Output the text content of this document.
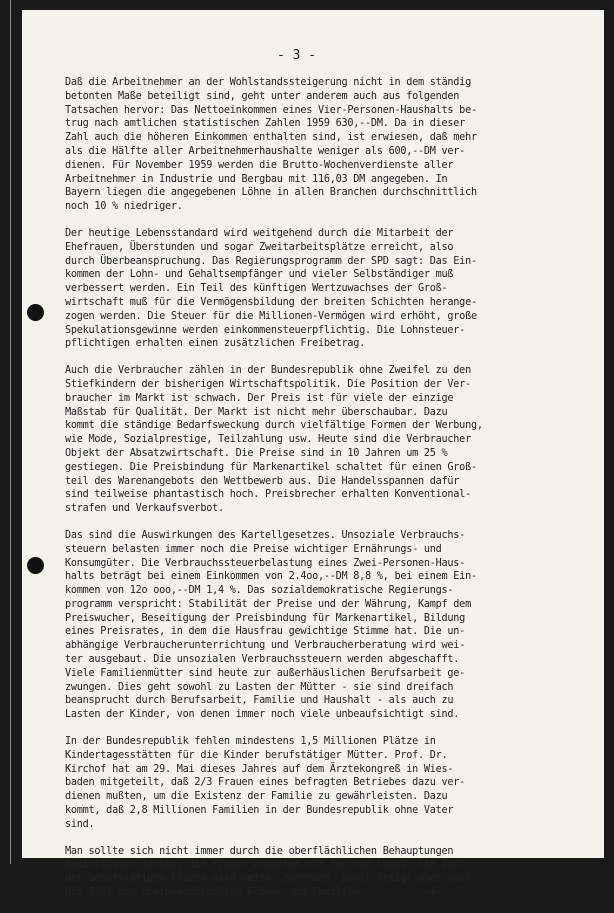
- 3 -
Daß die Arbeitnehmer an der Wohlstandssteigerung nicht in dem ständig
betonten Maße beteiligt sind, geht unter anderem auch aus folgenden
Tatsachen hervor: Das Nettoeinkommen eines Vier-Personen-Haushalts be-
trug nach amtlichen statistischen Zahlen 1959 630,--DM. Da in dieser
Zahl auch die höheren Einkommen enthalten sind, ist erwiesen, daß mehr
als die Hälfte aller Arbeitnehmerhaushalte weniger als 600,--DM ver-
dienen. Für November 1959 werden die Brutto-Wochenverdienste aller
Arbeitnehmer in Industrie und Bergbau mit 116,03 DM angegeben. In
Bayern liegen die angegebenen Löhne in allen Branchen durchschnittlich
noch 10 % niedriger.
Der heutige Lebensstandard wird weitgehend durch die Mitarbeit der
Ehefrauen, Überstunden und sogar Zweitarbeitsplätze erreicht, also
durch Überbeanspruchung. Das Regierungsprogramm der SPD sagt: Das Ein-
kommen der Lohn- und Gehaltsempfänger und vieler Selbständiger muß
verbessert werden. Ein Teil des künftigen Wertzuwachses der Groß-
wirtschaft muß für die Vermögensbildung der breiten Schichten herange-
zogen werden. Die Steuer für die Millionen-Vermögen wird erhöht, große
Spekulationsgewinne werden einkommensteuerpflichtig. Die Lohnsteuer-
pflichtigen erhalten einen zusätzlichen Freibetrag.
Auch die Verbraucher zählen in der Bundesrepublik ohne Zweifel zu den
Stiefkindern der bisherigen Wirtschaftspolitik. Die Position der Ver-
braucher im Markt ist schwach. Der Preis ist für viele der einzige
Maßstab für Qualität. Der Markt ist nicht mehr überschaubar. Dazu
kommt die ständige Bedarfsweckung durch vielfältige Formen der Werbung,
wie Mode, Sozialprestige, Teilzahlung usw. Heute sind die Verbraucher
Objekt der Absatzwirtschaft. Die Preise sind in 10 Jahren um 25 %
gestiegen. Die Preisbindung für Markenartikel schaltet für einen Groß-
teil des Warenangebots den Wettbewerb aus. Die Handelsspannen dafür
sind teilweise phantastisch hoch. Preisbrecher erhalten Konventional-
strafen und Verkaufsverbot.
Das sind die Auswirkungen des Kartellgesetzes. Unsoziale Verbrauchs-
steuern belasten immer noch die Preise wichtiger Ernährungs- und
Konsumgüter. Die Verbrauchssteuerbelastung eines Zwei-Personen-Haus-
halts beträgt bei einem Einkommen von 2.4oo,--DM 8,8 %, bei einem Ein-
kommen von 12o ooo,--DM 1,4 %. Das sozialdemokratische Regierungs-
programm verspricht: Stabilität der Preise und der Währung, Kampf dem
Preiswucher, Beseitigung der Preisbindung für Markenartikel, Bildung
eines Preisrates, in dem die Hausfrau gewichtige Stimme hat. Die un-
abhängige Verbraucherunterrichtung und Verbraucherberatung wird wei-
ter ausgebaut. Die unsozialen Verbrauchssteuern werden abgeschafft.
Viele Familienmütter sind heute zur außerhäuslichen Berufsarbeit ge-
zwungen. Dies geht sowohl zu Lasten der Mütter - sie sind dreifach
beansprucht durch Berufsarbeit, Familie und Haushalt - als auch zu
Lasten der Kinder, von denen immer noch viele unbeaufsichtigt sind.
In der Bundesrepublik fehlen mindestens 1,5 Millionen Plätze in
Kindertagesstätten für die Kinder berufstätiger Mütter. Prof. Dr.
Kirchof hat am 29. Mai dieses Jahres auf dem Ärztekongreß in Wies-
baden mitgeteilt, daß 2/3 Frauen eines befragten Betriebes dazu ver-
dienen mußten, um die Existenz der Familie zu gewährleisten. Dazu
kommt, daß 2,8 Millionen Familien in der Bundesrepublik ohne Vater
sind.
Man sollte sich nicht immer durch die oberflächlichen Behauptungen
beeinflussen lassen, die Frauen arbeiten nur für den Luxus. Die Zahl
der berufstätigen Frauen wird weiter zunehmen. Damit steigt aber auch
die Zahl der überbeanspruchten Frauen und Familien.          -4-
